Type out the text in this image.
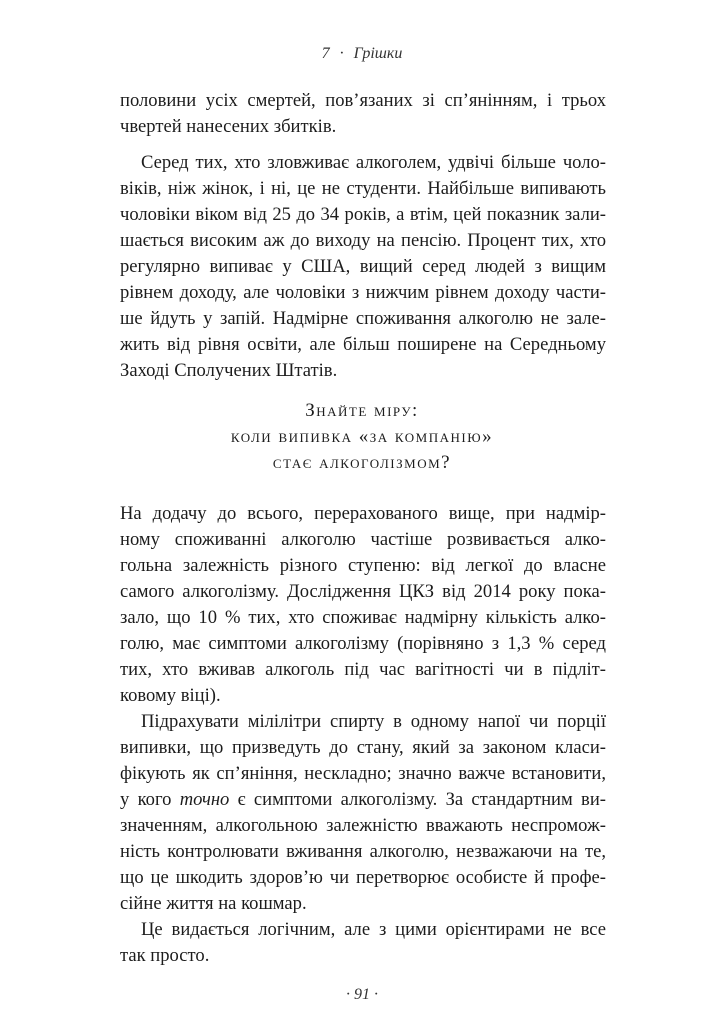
7 · Грішки
половини усіх смертей, пов’язаних зі сп’янінням, і трьох
чвертей нанесених збитків.
Серед тих, хто зловживає алкоголем, удвічі більше чоло-
віків, ніж жінок, і ні, це не студенти. Найбільше випивають
чоловіки віком від 25 до 34 років, а втім, цей показник зали-
шається високим аж до виходу на пенсію. Процент тих, хто
регулярно випиває у США, вищий серед людей з вищим
рівнем доходу, але чоловіки з нижчим рівнем доходу части-
ше йдуть у запій. Надмірне споживання алкоголю не зале-
жить від рівня освіти, але більш поширене на Середньому
Заході Сполучених Штатів.
Знайте міру:
коли випивка «за компанію»
стає алкоголізмом?
На додачу до всього, перерахованого вище, при надмір-
ному споживанні алкоголю частіше розвивається алко-
гольна залежність різного ступеню: від легкої до власне
самого алкоголізму. Дослідження ЦКЗ від 2014 року пока-
зало, що 10 % тих, хто споживає надмірну кількість алко-
голю, має симптоми алкоголізму (порівняно з 1,3 % серед
тих, хто вживав алкоголь під час вагітності чи в підліт-
ковому віці).
Підрахувати мілілітри спирту в одному напої чи порції
випивки, що призведуть до стану, який за законом класи-
фікують як сп’яніння, нескладно; значно важче встановити,
у кого точно є симптоми алкоголізму. За стандартним ви-
значенням, алкогольною залежністю вважають неспромож-
ність контролювати вживання алкоголю, незважаючи на те,
що це шкодить здоров’ю чи перетворює особисте й профе-
сійне життя на кошмар.
Це видається логічним, але з цими орієнтирами не все
так просто.
· 91 ·
